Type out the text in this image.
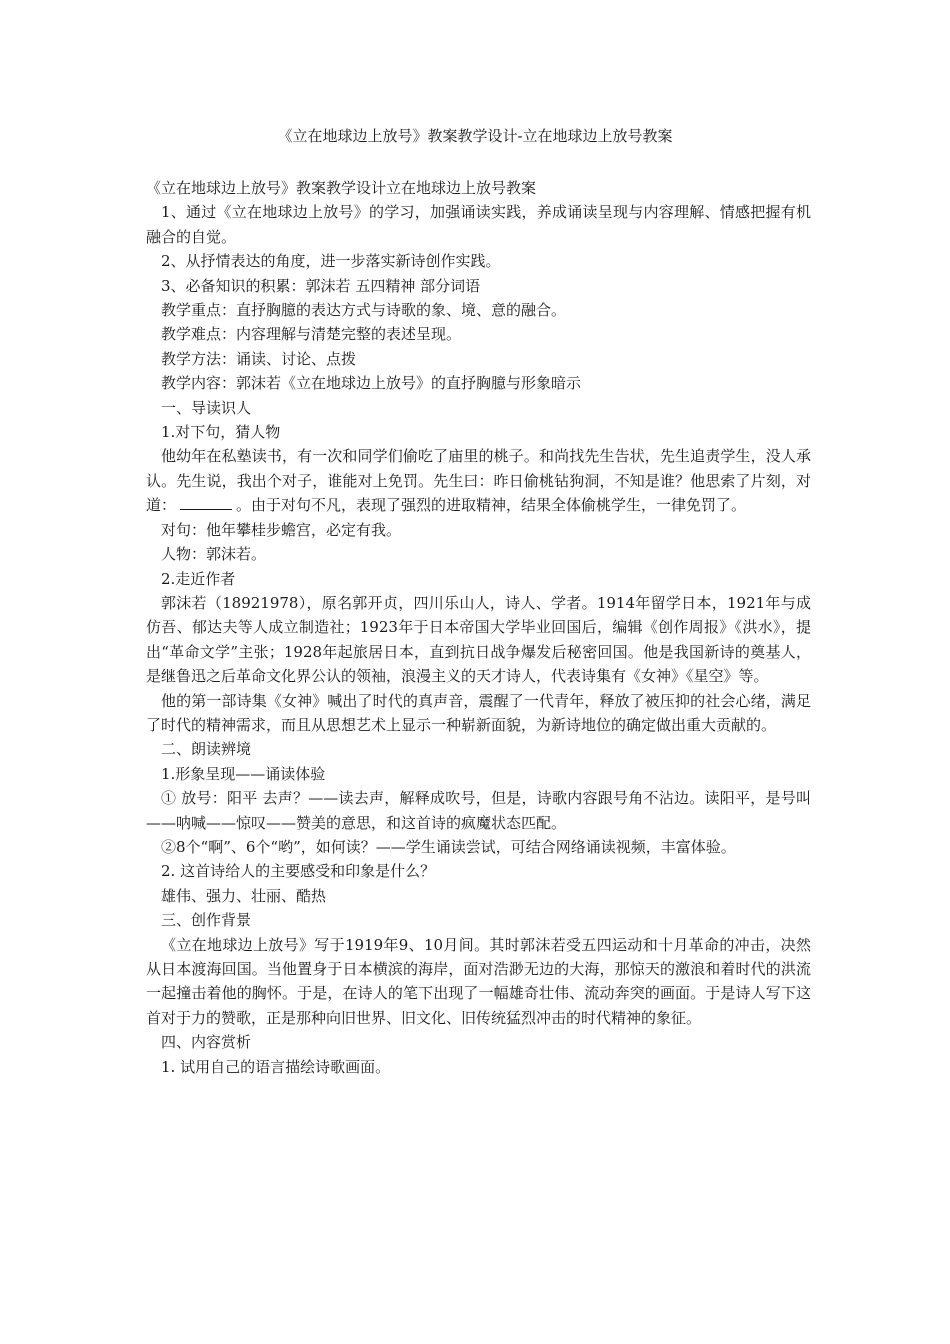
《立在地球边上放号》教案教学设计-立在地球边上放号教案

《立在地球边上放号》教案教学设计立在地球边上放号教案

1、通过《立在地球边上放号》的学习，加强诵读实践，养成诵读呈现与内容理解、情感把握有机融合的自觉。

2、从抒情表达的角度，进一步落实新诗创作实践。

3、必备知识的积累：郭沫若 五四精神 部分词语

教学重点：直抒胸臆的表达方式与诗歌的象、境、意的融合。

教学难点：内容理解与清楚完整的表述呈现。

教学方法：诵读、讨论、点拨

教学内容：郭沫若《立在地球边上放号》的直抒胸臆与形象暗示

一、导读识人

1.对下句，猜人物

他幼年在私塾读书，有一次和同学们偷吃了庙里的桃子。和尚找先生告状，先生追责学生，没人承认。先生说，我出个对子，谁能对上免罚。先生曰：昨日偷桃钻狗洞，不知是谁？他思索了片刻，对道：	。由于对句不凡，表现了强烈的进取精神，结果全体偷桃学生，一律免罚了。

对句：他年攀桂步蟾宫，必定有我。

人物：郭沫若。

2.走近作者

郭沫若（18921978），原名郭开贞，四川乐山人，诗人、学者。1914年留学日本，1921年与成仿吾、郁达夫等人成立制造社；1923年于日本帝国大学毕业回国后，编辑《创作周报》《洪水》，提出“革命文学”主张；1928年起旅居日本，直到抗日战争爆发后秘密回国。他是我国新诗的奠基人，是继鲁迅之后革命文化界公认的领袖，浪漫主义的天才诗人，代表诗集有《女神》《星空》等。

他的第一部诗集《女神》喊出了时代的真声音，震醒了一代青年，释放了被压抑的社会心绪，满足了时代的精神需求，而且从思想艺术上显示一种崭新面貌，为新诗地位的确定做出重大贡献的。

二、朗读辨境

1.形象呈现——诵读体验

① 放号：阳平 去声？——读去声，解释成吹号，但是，诗歌内容跟号角不沾边。读阳平，是号叫——呐喊——惊叹——赞美的意思，和这首诗的疯魔状态匹配。

②8个“啊”、6个“哟”，如何读？——学生诵读尝试，可结合网络诵读视频，丰富体验。

2. 这首诗给人的主要感受和印象是什么？

雄伟、强力、壮丽、酷热

三、创作背景

《立在地球边上放号》写于1919年9、10月间。其时郭沫若受五四运动和十月革命的冲击，决然从日本渡海回国。当他置身于日本横滨的海岸，面对浩渺无边的大海，那惊天的激浪和着时代的洪流一起撞击着他的胸怀。于是，在诗人的笔下出现了一幅雄奇壮伟、流动奔突的画面。于是诗人写下这首对于力的赞歌，正是那种向旧世界、旧文化、旧传统猛烈冲击的时代精神的象征。

四、内容赏析

1. 试用自己的语言描绘诗歌画面。
